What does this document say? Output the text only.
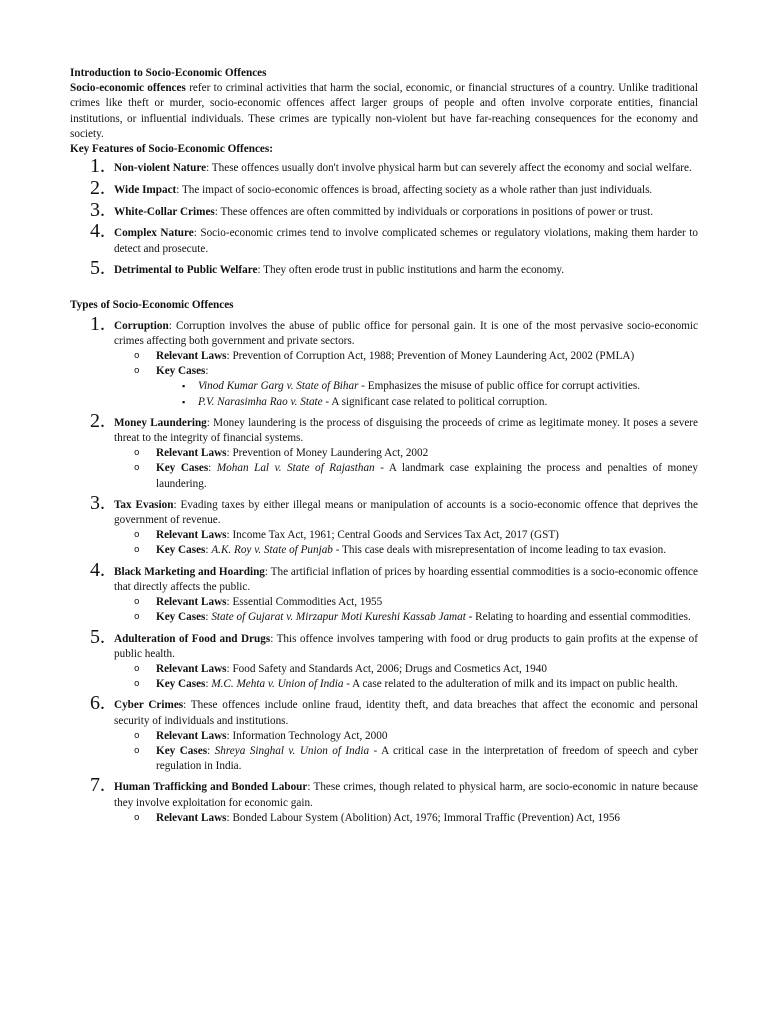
Introduction to Socio-Economic Offences

Socio-economic offences refer to criminal activities that harm the social, economic, or financial structures of a country. Unlike traditional crimes like theft or murder, socio-economic offences affect larger groups of people and often involve corporate entities, financial institutions, or influential individuals. These crimes are typically non-violent but have far-reaching consequences for the economy and society.

Key Features of Socio-Economic Offences:

1. Non-violent Nature: These offences usually don't involve physical harm but can severely affect the economy and social welfare.
2. Wide Impact: The impact of socio-economic offences is broad, affecting society as a whole rather than just individuals.
3. White-Collar Crimes: These offences are often committed by individuals or corporations in positions of power or trust.
4. Complex Nature: Socio-economic crimes tend to involve complicated schemes or regulatory violations, making them harder to detect and prosecute.
5. Detrimental to Public Welfare: They often erode trust in public institutions and harm the economy.

Types of Socio-Economic Offences

1. Corruption: Corruption involves the abuse of public office for personal gain. It is one of the most pervasive socio-economic crimes affecting both government and private sectors.
o Relevant Laws: Prevention of Corruption Act, 1988; Prevention of Money Laundering Act, 2002 (PMLA)
o Key Cases:
▪ Vinod Kumar Garg v. State of Bihar - Emphasizes the misuse of public office for corrupt activities.
▪ P.V. Narasimha Rao v. State - A significant case related to political corruption.
2. Money Laundering: Money laundering is the process of disguising the proceeds of crime as legitimate money. It poses a severe threat to the integrity of financial systems.
o Relevant Laws: Prevention of Money Laundering Act, 2002
o Key Cases: Mohan Lal v. State of Rajasthan - A landmark case explaining the process and penalties of money laundering.
3. Tax Evasion: Evading taxes by either illegal means or manipulation of accounts is a socio-economic offence that deprives the government of revenue.
o Relevant Laws: Income Tax Act, 1961; Central Goods and Services Tax Act, 2017 (GST)
o Key Cases: A.K. Roy v. State of Punjab - This case deals with misrepresentation of income leading to tax evasion.
4. Black Marketing and Hoarding: The artificial inflation of prices by hoarding essential commodities is a socio-economic offence that directly affects the public.
o Relevant Laws: Essential Commodities Act, 1955
o Key Cases: State of Gujarat v. Mirzapur Moti Kureshi Kassab Jamat - Relating to hoarding and essential commodities.
5. Adulteration of Food and Drugs: This offence involves tampering with food or drug products to gain profits at the expense of public health.
o Relevant Laws: Food Safety and Standards Act, 2006; Drugs and Cosmetics Act, 1940
o Key Cases: M.C. Mehta v. Union of India - A case related to the adulteration of milk and its impact on public health.
6. Cyber Crimes: These offences include online fraud, identity theft, and data breaches that affect the economic and personal security of individuals and institutions.
o Relevant Laws: Information Technology Act, 2000
o Key Cases: Shreya Singhal v. Union of India - A critical case in the interpretation of freedom of speech and cyber regulation in India.
7. Human Trafficking and Bonded Labour: These crimes, though related to physical harm, are socio-economic in nature because they involve exploitation for economic gain.
o Relevant Laws: Bonded Labour System (Abolition) Act, 1976; Immoral Traffic (Prevention) Act, 1956
